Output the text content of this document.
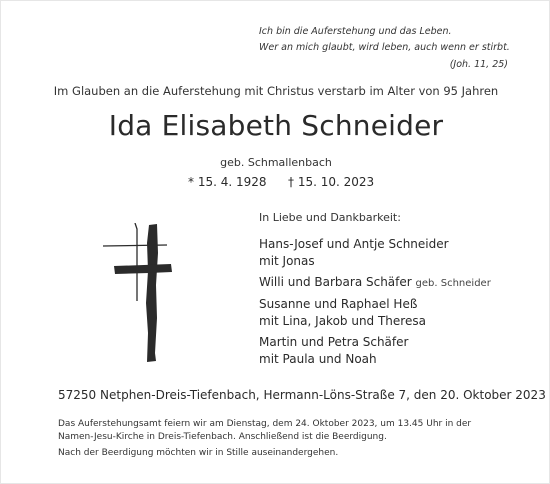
Ich bin die Auferstehung und das Leben.
Wer an mich glaubt, wird leben, auch wenn er stirbt.
(Joh. 11, 25)
Im Glauben an die Auferstehung mit Christus verstarb im Alter von 95 Jahren
Ida Elisabeth Schneider
geb. Schmallenbach
* 15. 4. 1928 † 15. 10. 2023
In Liebe und Dankbarkeit:
Hans-Josef und Antje Schneider
mit Jonas
Willi und Barbara Schäfer geb. Schneider
Susanne und Raphael Heß
mit Lina, Jakob und Theresa
Martin und Petra Schäfer
mit Paula und Noah
57250 Netphen-Dreis-Tiefenbach, Hermann-Löns-Straße 7, den 20. Oktober 2023

Das Auferstehungsamt feiern wir am Dienstag, dem 24. Oktober 2023, um 13.45 Uhr in der Namen-Jesu-Kirche in Dreis-Tiefenbach. Anschließend ist die Beerdigung.

Nach der Beerdigung möchten wir in Stille auseinandergehen.
